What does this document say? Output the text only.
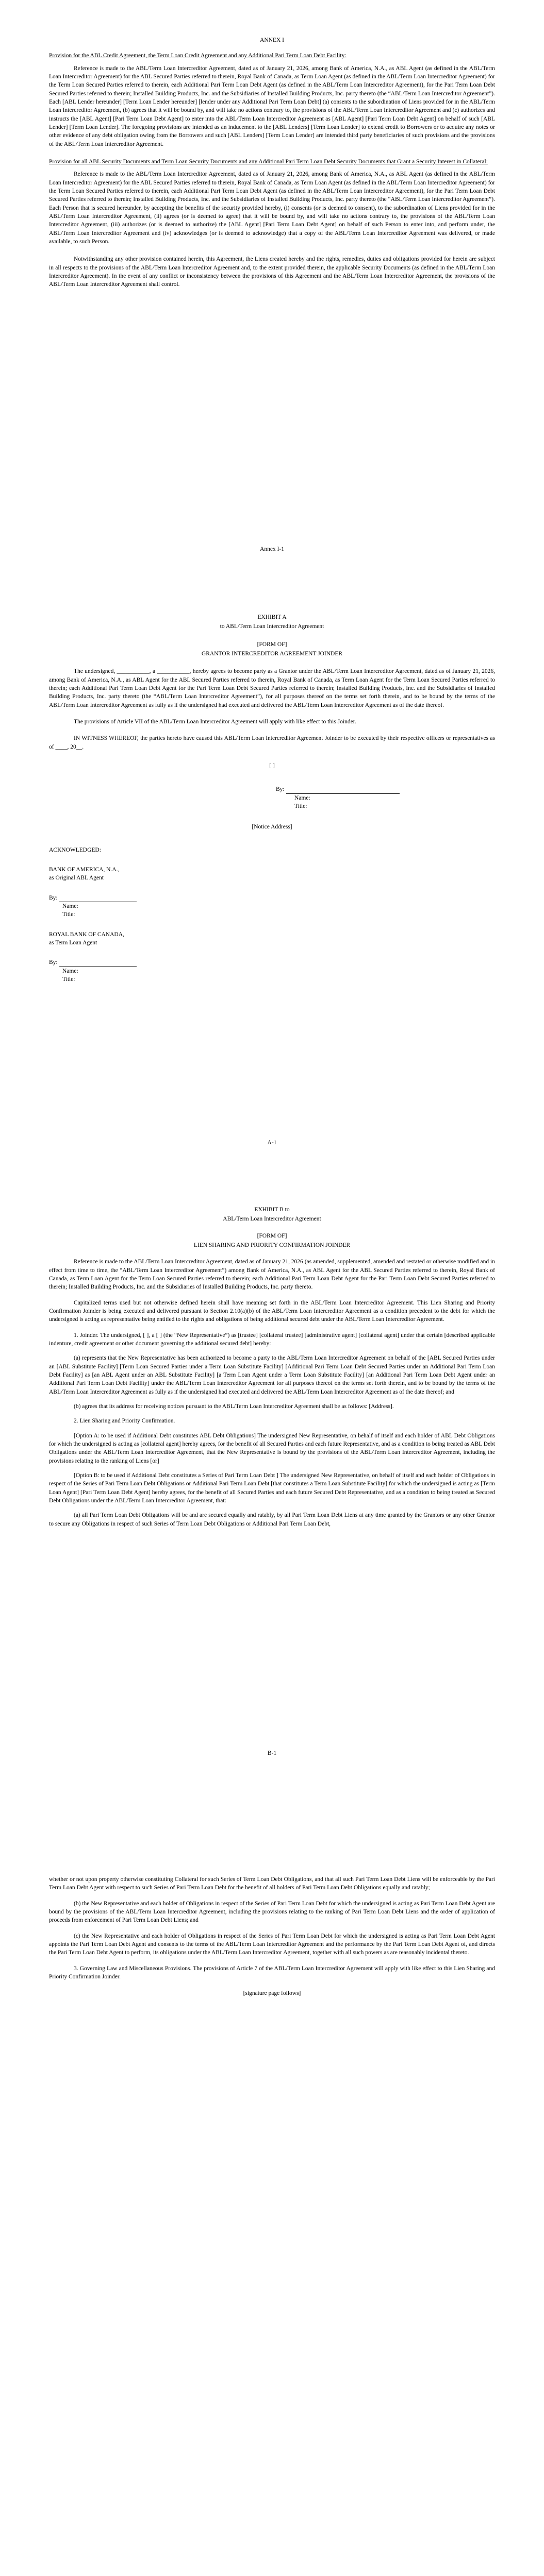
ANNEX I

Provision for the ABL Credit Agreement, the Term Loan Credit Agreement and any Additional Pari Term Loan Debt Facility:

Reference is made to the ABL/Term Loan Intercreditor Agreement, dated as of January 21, 2026, among Bank of America, N.A., as ABL Agent (as defined in the ABL/Term Loan Intercreditor Agreement) for the ABL Secured Parties referred to therein, Royal Bank of Canada, as Term Loan Agent (as defined in the ABL/Term Loan Intercreditor Agreement) for the Term Loan Secured Parties referred to therein, each Additional Pari Term Loan Debt Agent (as defined in the ABL/Term Loan Intercreditor Agreement), for the Pari Term Loan Debt Secured Parties referred to therein; Installed Building Products, Inc. and the Subsidiaries of Installed Building Products, Inc. party thereto (the “ABL/Term Loan Intercreditor Agreement”). Each [ABL Lender hereunder] [Term Loan Lender hereunder] [lender under any Additional Pari Term Loan Debt] (a) consents to the subordination of Liens provided for in the ABL/Term Loan Intercreditor Agreement, (b) agrees that it will be bound by, and will take no actions contrary to, the provisions of the ABL/Term Loan Intercreditor Agreement and (c) authorizes and instructs the [ABL Agent] [Pari Term Loan Debt Agent] to enter into the ABL/Term Loan Intercreditor Agreement as [ABL Agent] [Pari Term Loan Debt Agent] on behalf of such [ABL Lender] [Term Loan Lender]. The foregoing provisions are intended as an inducement to the [ABL Lenders] [Term Loan Lender] to extend credit to Borrowers or to acquire any notes or other evidence of any debt obligation owing from the Borrowers and such [ABL Lenders] [Term Loan Lender] are intended third party beneficiaries of such provisions and the provisions of the ABL/Term Loan Intercreditor Agreement.

Provision for all ABL Security Documents and Term Loan Security Documents and any Additional Pari Term Loan Debt Security Documents that Grant a Security Interest in Collateral:

Reference is made to the ABL/Term Loan Intercreditor Agreement, dated as of January 21, 2026, among Bank of America, N.A., as ABL Agent (as defined in the ABL/Term Loan Intercreditor Agreement) for the ABL Secured Parties referred to therein, Royal Bank of Canada, as Term Loan Agent (as defined in the ABL/Term Loan Intercreditor Agreement) for the Term Loan Secured Parties referred to therein, each Additional Pari Term Loan Debt Agent (as defined in the ABL/Term Loan Intercreditor Agreement), for the Pari Term Loan Debt Secured Parties referred to therein; Installed Building Products, Inc. and the Subsidiaries of Installed Building Products, Inc. party thereto (the “ABL/Term Loan Intercreditor Agreement”). Each Person that is secured hereunder, by accepting the benefits of the security provided hereby, (i) consents (or is deemed to consent), to the subordination of Liens provided for in the ABL/Term Loan Intercreditor Agreement, (ii) agrees (or is deemed to agree) that it will be bound by, and will take no actions contrary to, the provisions of the ABL/Term Loan Intercreditor Agreement, (iii) authorizes (or is deemed to authorize) the [ABL Agent] [Pari Term Loan Debt Agent] on behalf of such Person to enter into, and perform under, the ABL/Term Loan Intercreditor Agreement and (iv) acknowledges (or is deemed to acknowledge) that a copy of the ABL/Term Loan Intercreditor Agreement was delivered, or made available, to such Person.

Notwithstanding any other provision contained herein, this Agreement, the Liens created hereby and the rights, remedies, duties and obligations provided for herein are subject in all respects to the provisions of the ABL/Term Loan Intercreditor Agreement and, to the extent provided therein, the applicable Security Documents (as defined in the ABL/Term Loan Intercreditor Agreement). In the event of any conflict or inconsistency between the provisions of this Agreement and the ABL/Term Loan Intercreditor Agreement, the provisions of the ABL/Term Loan Intercreditor Agreement shall control.

Annex I-1
EXHIBIT A
to ABL/Term Loan Intercreditor Agreement
[FORM OF]
GRANTOR INTERCREDITOR AGREEMENT JOINDER

The undersigned, ___________, a ___________, hereby agrees to become party as a Grantor under the ABL/Term Loan Intercreditor Agreement, dated as of January 21, 2026, among Bank of America, N.A., as ABL Agent for the ABL Secured Parties referred to therein, Royal Bank of Canada, as Term Loan Agent for the Term Loan Secured Parties referred to therein; each Additional Pari Term Loan Debt Agent for the Pari Term Loan Debt Secured Parties referred to therein; Installed Building Products, Inc. and the Subsidiaries of Installed Building Products, Inc. party thereto (the “ABL/Term Loan Intercreditor Agreement”), for all purposes thereof on the terms set forth therein, and to be bound by the terms of the ABL/Term Loan Intercreditor Agreement as fully as if the undersigned had executed and delivered the ABL/Term Loan Intercreditor Agreement as of the date thereof.

The provisions of Article VII of the ABL/Term Loan Intercreditor Agreement will apply with like effect to this Joinder.

IN WITNESS WHEREOF, the parties hereto have caused this ABL/Term Loan Intercreditor Agreement Joinder to be executed by their respective officers or representatives as of ____, 20__.

[ ]
By:
Name:
Title:
[Notice Address]
ACKNOWLEDGED:
BANK OF AMERICA, N.A.,
as Original ABL Agent
By:
Name:
Title:
ROYAL BANK OF CANADA,
as Term Loan Agent
By:
Name:
Title:
A-1
EXHIBIT B to
ABL/Term Loan Intercreditor Agreement
[FORM OF]
LIEN SHARING AND PRIORITY CONFIRMATION JOINDER

Reference is made to the ABL/Term Loan Intercreditor Agreement, dated as of January 21, 2026 (as amended, supplemented, amended and restated or otherwise modified and in effect from time to time, the “ABL/Term Loan Intercreditor Agreement”) among Bank of America, N.A., as ABL Agent for the ABL Secured Parties referred to therein, Royal Bank of Canada, as Term Loan Agent for the Term Loan Secured Parties referred to therein; each Additional Pari Term Loan Debt Agent for the Pari Term Loan Debt Secured Parties referred to therein; Installed Building Products, Inc. and the Subsidiaries of Installed Building Products, Inc. party thereto.

Capitalized terms used but not otherwise defined herein shall have meaning set forth in the ABL/Term Loan Intercreditor Agreement. This Lien Sharing and Priority Confirmation Joinder is being executed and delivered pursuant to Section 2.10(a)(b) of the ABL/Term Loan Intercreditor Agreement as a condition precedent to the debt for which the undersigned is acting as representative being entitled to the rights and obligations of being additional secured debt under the ABL/Term Loan Intercreditor Agreement.

1. Joinder. The undersigned, [ ], a [ ] (the “New Representative”) as [trustee] [collateral trustee] [administrative agent] [collateral agent] under that certain [described applicable indenture, credit agreement or other document governing the additional secured debt] hereby:

(a) represents that the New Representative has been authorized to become a party to the ABL/Term Loan Intercreditor Agreement on behalf of the [ABL Secured Parties under an [ABL Substitute Facility] [Term Loan Secured Parties under a Term Loan Substitute Facility] [Additional Pari Term Loan Debt Secured Parties under an Additional Pari Term Loan Debt Facility] as [an ABL Agent under an ABL Substitute Facility] [a Term Loan Agent under a Term Loan Substitute Facility] [an Additional Pari Term Loan Debt Agent under an Additional Pari Term Loan Debt Facility] under the ABL/Term Loan Intercreditor Agreement for all purposes thereof on the terms set forth therein, and to be bound by the terms of the ABL/Term Loan Intercreditor Agreement as fully as if the undersigned had executed and delivered the ABL/Term Loan Intercreditor Agreement as of the date thereof; and

(b) agrees that its address for receiving notices pursuant to the ABL/Term Loan Intercreditor Agreement shall be as follows: [Address].

2. Lien Sharing and Priority Confirmation.

[Option A: to be used if Additional Debt constitutes ABL Debt Obligations] The undersigned New Representative, on behalf of itself and each holder of ABL Debt Obligations for which the undersigned is acting as [collateral agent] hereby agrees, for the benefit of all Secured Parties and each future Representative, and as a condition to being treated as ABL Debt Obligations under the ABL/Term Loan Intercreditor Agreement, that the New Representative is bound by the provisions of the ABL/Term Loan Intercreditor Agreement, including the provisions relating to the ranking of Liens [or]

[Option B: to be used if Additional Debt constitutes a Series of Pari Term Loan Debt ] The undersigned New Representative, on behalf of itself and each holder of Obligations in respect of the Series of Pari Term Loan Debt Obligations or Additional Pari Term Loan Debt [that constitutes a Term Loan Substitute Facility] for which the undersigned is acting as [Term Loan Agent] [Pari Term Loan Debt Agent] hereby agrees, for the benefit of all Secured Parties and each future Secured Debt Representative, and as a condition to being treated as Secured Debt Obligations under the ABL/Term Loan Intercreditor Agreement, that:

(a) all Pari Term Loan Debt Obligations will be and are secured equally and ratably, by all Pari Term Loan Debt Liens at any time granted by the Grantors or any other Grantor to secure any Obligations in respect of such Series of Term Loan Debt Obligations or Additional Pari Term Loan Debt,

B-1

whether or not upon property otherwise constituting Collateral for such Series of Term Loan Debt Obligations, and that all such Pari Term Loan Debt Liens will be enforceable by the Pari Term Loan Debt Agent with respect to such Series of Pari Term Loan Debt for the benefit of all holders of Pari Term Loan Debt Obligations equally and ratably;

(b) the New Representative and each holder of Obligations in respect of the Series of Pari Term Loan Debt for which the undersigned is acting as Pari Term Loan Debt Agent are bound by the provisions of the ABL/Term Loan Intercreditor Agreement, including the provisions relating to the ranking of Pari Term Loan Debt Liens and the order of application of proceeds from enforcement of Pari Term Loan Debt Liens; and

(c) the New Representative and each holder of Obligations in respect of the Series of Pari Term Loan Debt for which the undersigned is acting as Pari Term Loan Debt Agent appoints the Pari Term Loan Debt Agent and consents to the terms of the ABL/Term Loan Intercreditor Agreement and the performance by the Pari Term Loan Debt Agent of, and directs the Pari Term Loan Debt Agent to perform, its obligations under the ABL/Term Loan Intercreditor Agreement, together with all such powers as are reasonably incidental thereto.

3. Governing Law and Miscellaneous Provisions. The provisions of Article 7 of the ABL/Term Loan Intercreditor Agreement will apply with like effect to this Lien Sharing and Priority Confirmation Joinder.

[signature page follows]
